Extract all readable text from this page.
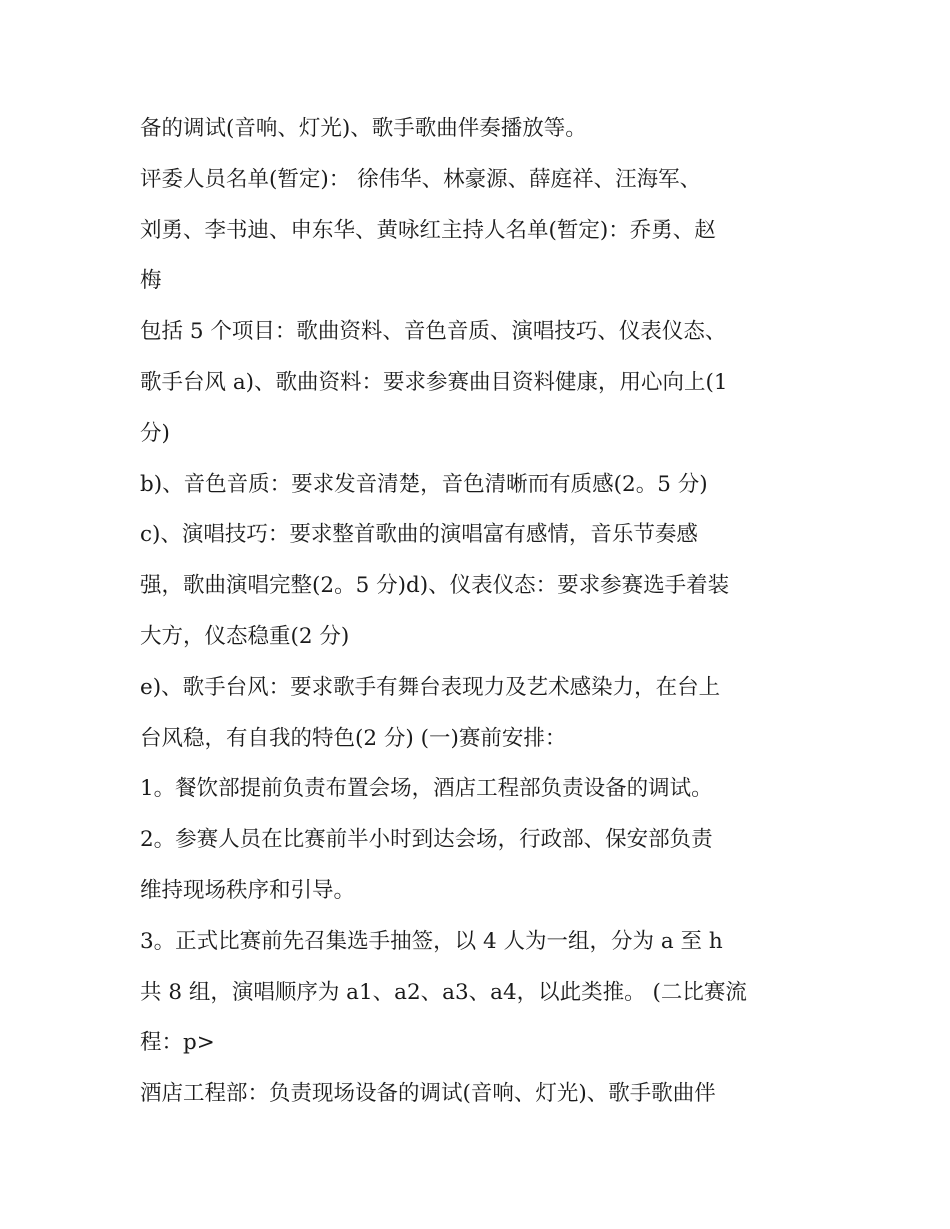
备的调试(音响、灯光)、歌手歌曲伴奏播放等。

评委人员名单(暂定)： 徐伟华、林豪源、薛庭祥、汪海军、

刘勇、李书迪、申东华、黄咏红主持人名单(暂定)：乔勇、赵

梅

包括 5 个项目：歌曲资料、音色音质、演唱技巧、仪表仪态、

歌手台风 a)、歌曲资料：要求参赛曲目资料健康，用心向上(1

分)

b)、音色音质：要求发音清楚，音色清晰而有质感(2。5 分)

c)、演唱技巧：要求整首歌曲的演唱富有感情，音乐节奏感

强，歌曲演唱完整(2。5 分)d)、仪表仪态：要求参赛选手着装

大方，仪态稳重(2 分)

e)、歌手台风：要求歌手有舞台表现力及艺术感染力，在台上

台风稳，有自我的特色(2 分) (一)赛前安排：

1。餐饮部提前负责布置会场，酒店工程部负责设备的调试。

2。参赛人员在比赛前半小时到达会场，行政部、保安部负责

维持现场秩序和引导。

3。正式比赛前先召集选手抽签，以 4 人为一组，分为 a 至 h

共 8 组，演唱顺序为 a1、a2、a3、a4，以此类推。 (二比赛流

程：p>

酒店工程部：负责现场设备的调试(音响、灯光)、歌手歌曲伴
